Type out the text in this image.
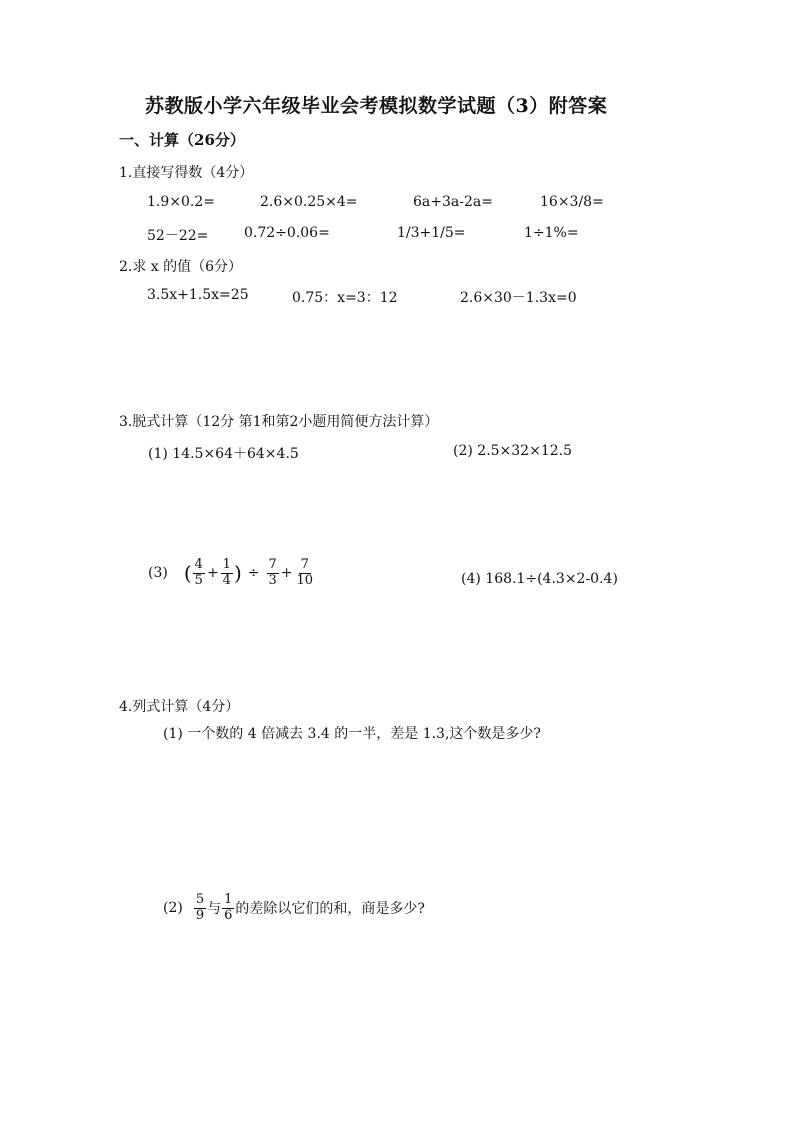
苏教版小学六年级毕业会考模拟数学试题（3）附答案
一、计算（26分）
1.直接写得数（4分）
1.9×0.2=	2.6×0.25×4=	6a+3a-2a=	16×3/8=
52－22=	0.72÷0.06=	1/3+1/5=	1÷1%=
2.求 x 的值（6分）
3.5x+1.5x=25	0.75：x=3：12	2.6×30－1.3x=0
3.脱式计算（12分 第1和第2小题用简便方法计算）
(1) 14.5×64＋64×4.5	(2) 2.5×32×12.5
(3) ( $\frac{4}{5} + \frac{1}{4}$ ) ÷ $\frac{7}{3} + \frac{7}{10}$	(4) 168.1÷(4.3×2-0.4)
4.列式计算（4分）
(1) 一个数的 4 倍减去 3.4 的一半，差是 1.3,这个数是多少?
$(2) \frac{5}{9}$ 与 $\frac{1}{6}$ 的差除以它们的和，商是多少?
